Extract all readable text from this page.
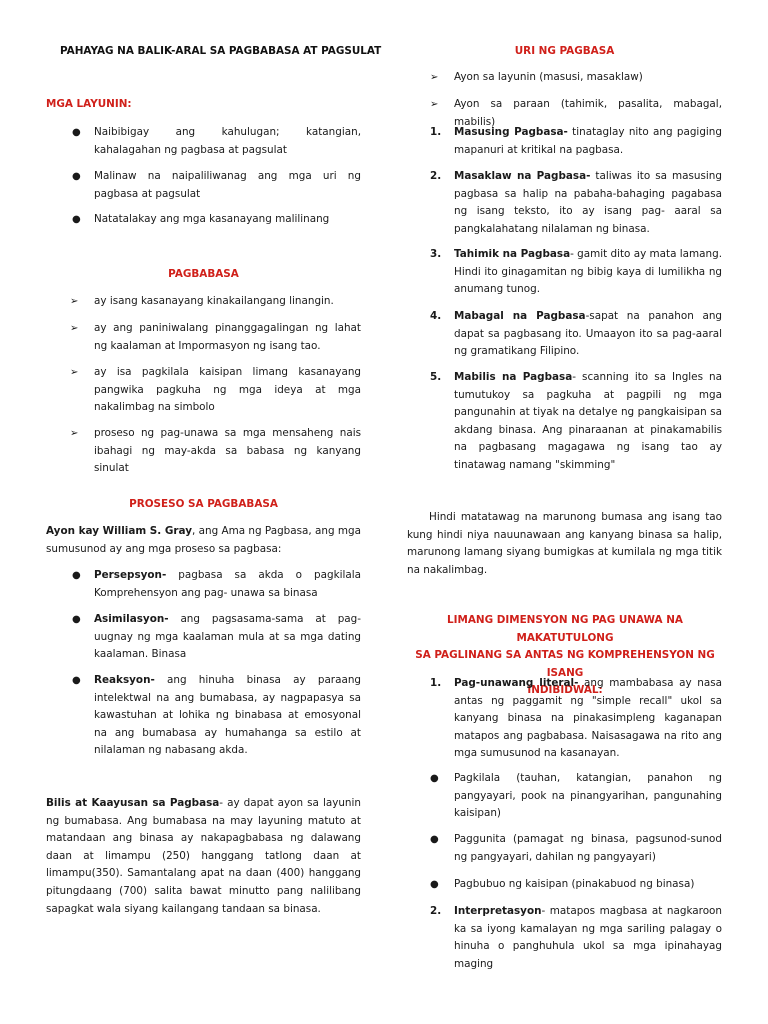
PAHAYAG NA BALIK-ARAL SA PAGBABASA AT PAGSULAT
MGA LAYUNIN:
● Naibibigay ang kahulugan; katangian, kahalagahan ng pagbasa at pagsulat
● Malinaw na naipaliliwanag ang mga uri ng pagbasa at pagsulat
● Natatalakay ang mga kasanayang malilinang
PAGBABASA
➢ ay isang kasanayang kinakailangang linangin.
➢ ay ang paniniwalang pinanggagalingan ng lahat ng kaalaman at Impormasyon ng isang tao.
➢ ay isa pagkilala kaisipan limang kasanayang pangwika pagkuha ng mga ideya at mga nakalimbag na simbolo
➢ proseso ng pag-unawa sa mga mensaheng nais ibahagi ng may-akda sa babasa ng kanyang sinulat
PROSESO SA PAGBABASA
Ayon kay William S. Gray, ang Ama ng Pagbasa, ang mga sumusunod ay ang mga proseso sa pagbasa:
● Persepsyon- pagbasa sa akda o pagkilala Komprehensyon ang pag- unawa sa binasa
● Asimilasyon- ang pagsasama-sama at pag-uugnay ng mga kaalaman mula at sa mga dating kaalaman. Binasa
● Reaksyon- ang hinuha binasa ay paraang intelektwal na ang bumabasa, ay nagpapasya sa kawastuhan at lohika ng binabasa at emosyonal na ang bumabasa ay humahanga sa estilo at nilalaman ng nabasang akda.
Bilis at Kaayusan sa Pagbasa- ay dapat ayon sa layunin ng bumabasa. Ang bumabasa na may layuning matuto at matandaan ang binasa ay nakapagbabasa ng dalawang daan at limampu (250) hanggang tatlong daan at limampu(350). Samantalang apat na daan (400) hanggang pitungdaang (700) salita bawat minutto pang nalilibang sapagkat wala siyang kailangang tandaan sa binasa.
URI NG PAGBASA
➢ Ayon sa layunin (masusi, masaklaw)
➢ Ayon sa paraan (tahimik, pasalita, mabagal, mabilis)
1. Masusing Pagbasa- tinataglay nito ang pagiging mapanuri at kritikal na pagbasa.
2. Masaklaw na Pagbasa- taliwas ito sa masusing pagbasa sa halip na pabaha-bahaging pagabasa ng isang teksto, ito ay isang pag- aaral sa pangkalahatang nilalaman ng binasa.
3. Tahimik na Pagbasa- gamit dito ay mata lamang. Hindi ito ginagamitan ng bibig kaya di lumilikha ng anumang tunog.
4. Mabagal na Pagbasa-sapat na panahon ang dapat sa pagbasang ito. Umaayon ito sa pag-aaral ng gramatikang Filipino.
5. Mabilis na Pagbasa- scanning ito sa Ingles na tumutukoy sa pagkuha at pagpili ng mga pangunahin at tiyak na detalye ng pangkaisipan sa akdang binasa. Ang pinaraanan at pinakamabilis na pagbasang magagawa ng isang tao ay tinatawag namang "skimming"
Hindi matatawag na marunong bumasa ang isang tao kung hindi niya nauunawaan ang kanyang binasa sa halip, marunong lamang siyang bumigkas at kumilala ng mga titik na nakalimbag.
LIMANG DIMENSYON NG PAG UNAWA NA MAKATUTULONG
SA PAGLINANG SA ANTAS NG KOMPREHENSYON NG ISANG
INDIBIDWAL:
1. Pag-unawang literal- ang mambabasa ay nasa antas ng paggamit ng "simple recall" ukol sa kanyang binasa na pinakasimpleng kaganapan matapos ang pagbabasa. Naisasagawa na rito ang mga sumusunod na kasanayan.
● Pagkilala (tauhan, katangian, panahon ng pangyayari, pook na pinangyarihan, pangunahing kaisipan)
● Paggunita (pamagat ng binasa, pagsunod-sunod ng pangyayari, dahilan ng pangyayari)
● Pagbubuo ng kaisipan (pinakabuod ng binasa)
2. Interpretasyon- matapos magbasa at nagkaroon ka sa iyong kamalayan ng mga sariling palagay o hinuha o panghuhula ukol sa mga ipinahayag maging
